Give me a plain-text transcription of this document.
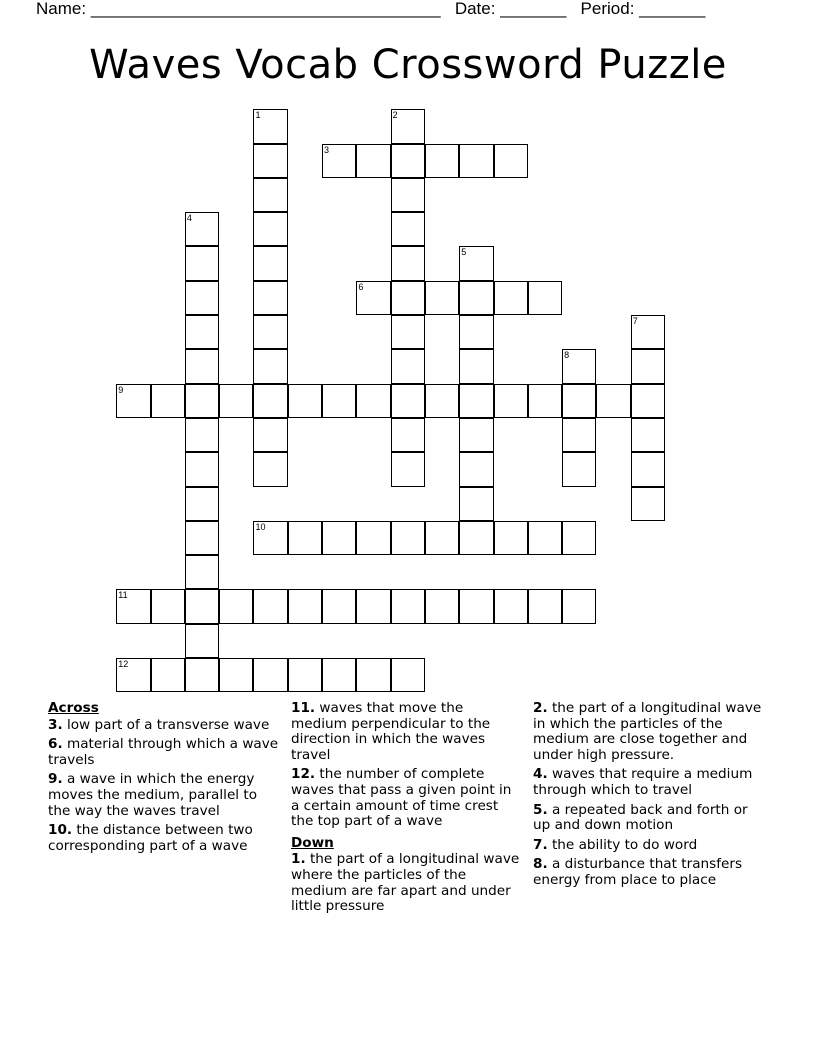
Name: _____________________________________ Date: _______ Period: _______
Waves Vocab Crossword Puzzle
1	2
3
4
5
6
7
8
9
10
11
12
Across
3. low part of a transverse wave
6. material through which a wave travels
9. a wave in which the energy moves the medium, parallel to the way the waves travel
10. the distance between two corresponding part of a wave
11. waves that move the medium perpendicular to the direction in which the waves travel
12. the number of complete waves that pass a given point in a certain amount of time crest the top part of a wave
Down
1. the part of a longitudinal wave where the particles of the medium are far apart and under little pressure
2. the part of a longitudinal wave in which the particles of the medium are close together and under high pressure.
4. waves that require a medium through which to travel
5. a repeated back and forth or up and down motion
7. the ability to do word
8. a disturbance that transfers energy from place to place
